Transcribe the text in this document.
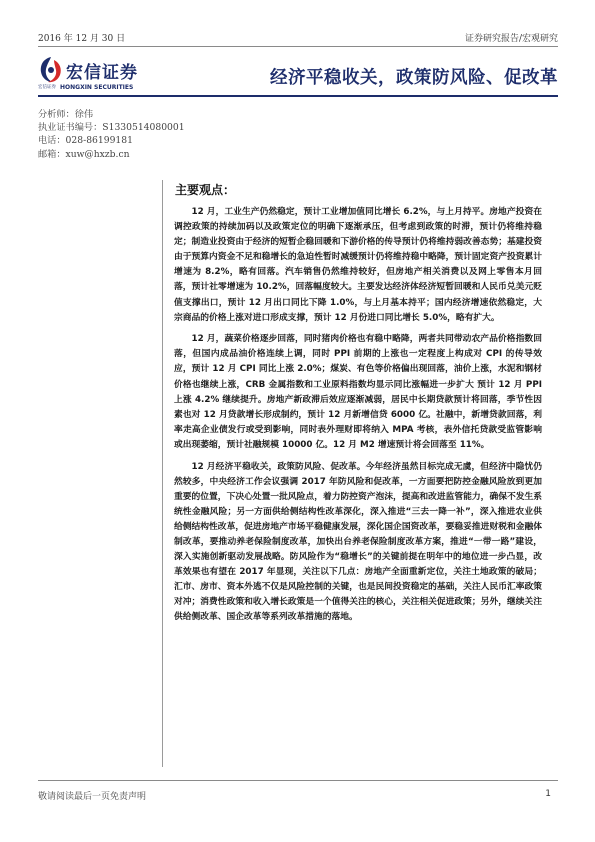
2016 年 12 月 30 日	证券研究报告/宏观研究
宏信证券
宏信证券 HONGXIN SECURITIES	经济平稳收关，政策防风险、促改革
分析师：徐伟
执业证书编号：S1330514080001
电话：028-86199181
邮箱：xuw@hxzb.cn
主要观点：

12 月，工业生产仍然稳定，预计工业增加值同比增长 6.2%，与上月持平。房地产投资在调控政策的持续加码以及政策定位的明确下逐渐承压，但考虑到政策的时滞，预计仍将维持稳定；制造业投资由于经济的短暂企稳回暖和下游价格的传导预计仍将维持弱改善态势；基建投资由于预算内资金不足和稳增长的急迫性暂时减缓预计仍将维持稳中略降，预计固定资产投资累计增速为 8.2%，略有回落。汽车销售仍然维持较好，但房地产相关消费以及网上零售本月回落，预计社零增速为 10.2%，回落幅度较大。主要发达经济体经济短暂回暖和人民币兑美元贬值支撑出口，预计 12 月出口同比下降 1.0%，与上月基本持平；国内经济增速依然稳定，大宗商品的价格上涨对进口形成支撑，预计 12 月份进口同比增长 5.0%，略有扩大。

12 月，蔬菜价格逐步回落，同时猪肉价格也有稳中略降，两者共同带动农产品价格指数回落，但国内成品油价格连续上调，同时 PPI 前期的上涨也一定程度上构成对 CPI 的传导效应，预计 12 月 CPI 同比上涨 2.0%；煤炭、有色等价格偏出现回落，油价上涨，水泥和钢材价格也继续上涨，CRB 金属指数和工业原料指数均显示同比涨幅进一步扩大 预计 12 月 PPI 上涨 4.2% 继续提升。房地产新政滞后效应逐渐减弱，居民中长期贷款预计将回落，季节性因素也对 12 月贷款增长形成制约，预计 12 月新增信贷 6000 亿。社融中，新增贷款回落，利率走高企业债发行或受到影响，同时表外理财即将纳入 MPA 考核，表外信托贷款受监管影响或出现萎缩，预计社融规模 10000 亿。12 月 M2 增速预计将会回落至 11%。

12 月经济平稳收关，政策防风险、促改革。今年经济虽然目标完成无虞，但经济中隐忧仍然较多，中央经济工作会议强调 2017 年防风险和促改革，一方面要把防控金融风险放到更加重要的位置，下决心处置一批风险点，着力防控资产泡沫，提高和改进监管能力，确保不发生系统性金融风险；另一方面供给侧结构性改革深化，深入推进“三去一降一补”，深入推进农业供给侧结构性改革，促进房地产市场平稳健康发展，深化国企国资改革，要稳妥推进财税和金融体制改革，要推动养老保险制度改革，加快出台养老保险制度改革方案，推进“一带一路”建设，深入实施创新驱动发展战略。防风险作为“稳增长”的关键前提在明年中的地位进一步凸显，改革效果也有望在 2017 年显现，关注以下几点：房地产全面重新定位，关注土地政策的破局；汇市、房市、资本外逃不仅是风险控制的关键，也是民间投资稳定的基础，关注人民币汇率政策对冲；消费性政策和收入增长政策是一个值得关注的核心，关注相关促进政策；另外，继续关注供给侧改革、国企改革等系列改革措施的落地。

敬请阅读最后一页免责声明	1
